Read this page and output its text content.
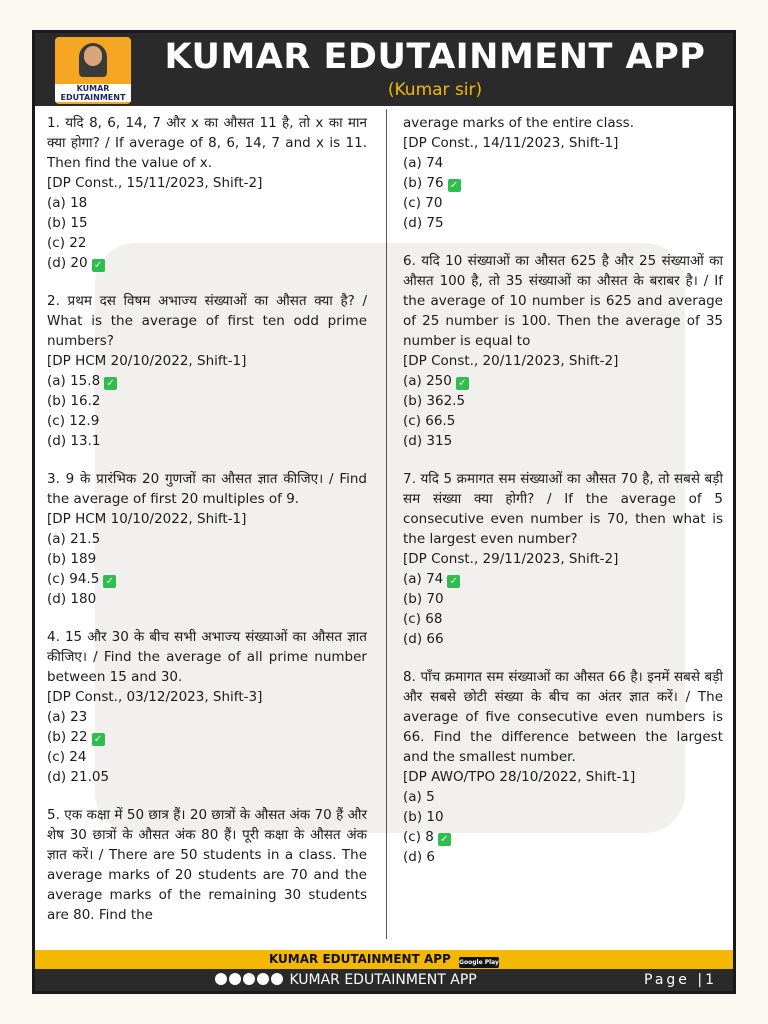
KUMAR EDUTAINMENT
KUMAR EDUTAINMENT APP
(Kumar sir)
1. यदि 8, 6, 14, 7 और x का औसत 11 है, तो x का मान क्या होगा? / If average of 8, 6, 14, 7 and x is 11. Then find the value of x.
[DP Const., 15/11/2023, Shift-2]
(a) 18
(b) 15
(c) 22
(d) 20 ✓
2. प्रथम दस विषम अभाज्य संख्याओं का औसत क्या है? / What is the average of first ten odd prime numbers?
[DP HCM 20/10/2022, Shift-1]
(a) 15.8 ✓
(b) 16.2
(c) 12.9
(d) 13.1
3. 9 के प्रारंभिक 20 गुणजों का औसत ज्ञात कीजिए। / Find the average of first 20 multiples of 9.
[DP HCM 10/10/2022, Shift-1]
(a) 21.5
(b) 189
(c) 94.5 ✓
(d) 180
4. 15 और 30 के बीच सभी अभाज्य संख्याओं का औसत ज्ञात कीजिए। / Find the average of all prime number between 15 and 30.
[DP Const., 03/12/2023, Shift-3]
(a) 23
(b) 22 ✓
(c) 24
(d) 21.05
5. एक कक्षा में 50 छात्र हैं। 20 छात्रों के औसत अंक 70 हैं और शेष 30 छात्रों के औसत अंक 80 हैं। पूरी कक्षा के औसत अंक ज्ञात करें। / There are 50 students in a class. The average marks of 20 students are 70 and the average marks of the remaining 30 students are 80. Find the
average marks of the entire class.
[DP Const., 14/11/2023, Shift-1]
(a) 74
(b) 76 ✓
(c) 70
(d) 75
6. यदि 10 संख्याओं का औसत 625 है और 25 संख्याओं का औसत 100 है, तो 35 संख्याओं का औसत के बराबर है। / If the average of 10 number is 625 and average of 25 number is 100. Then the average of 35 number is equal to
[DP Const., 20/11/2023, Shift-2]
(a) 250 ✓
(b) 362.5
(c) 66.5
(d) 315
7. यदि 5 क्रमागत सम संख्याओं का औसत 70 है, तो सबसे बड़ी सम संख्या क्या होगी? / If the average of 5 consecutive even number is 70, then what is the largest even number?
[DP Const., 29/11/2023, Shift-2]
(a) 74 ✓
(b) 70
(c) 68
(d) 66
8. पाँच क्रमागत सम संख्याओं का औसत 66 है। इनमें सबसे बड़ी और सबसे छोटी संख्या के बीच का अंतर ज्ञात करें। / The average of five consecutive even numbers is 66. Find the difference between the largest and the smallest number.
[DP AWO/TPO 28/10/2022, Shift-1]
(a) 5
(b) 10
(c) 8 ✓
(d) 6
KUMAR EDUTAINMENT APP Google Play
KUMAR EDUTAINMENT APP	Page |1
